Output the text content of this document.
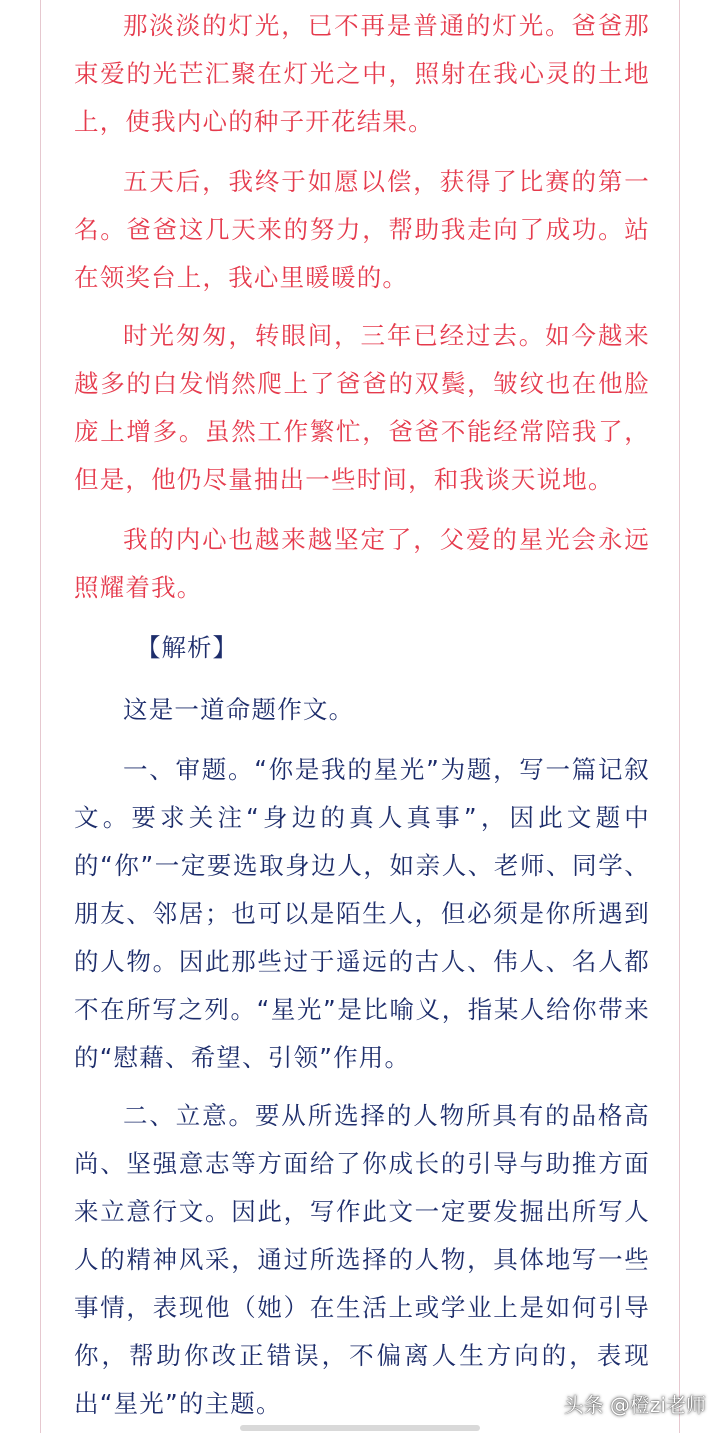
那淡淡的灯光，已不再是普通的灯光。爸爸那束爱的光芒汇聚在灯光之中，照射在我心灵的土地上，使我内心的种子开花结果。

五天后，我终于如愿以偿，获得了比赛的第一名。爸爸这几天来的努力，帮助我走向了成功。站在领奖台上，我心里暖暖的。

时光匆匆，转眼间，三年已经过去。如今越来越多的白发悄然爬上了爸爸的双鬓，皱纹也在他脸庞上增多。虽然工作繁忙，爸爸不能经常陪我了，但是，他仍尽量抽出一些时间，和我谈天说地。

我的内心也越来越坚定了，父爱的星光会永远照耀着我。

【解析】

这是一道命题作文。

一、审题。“你是我的星光”为题，写一篇记叙文。要求关注“身边的真人真事”，因此文题中的“你”一定要选取身边人，如亲人、老师、同学、朋友、邻居；也可以是陌生人，但必须是你所遇到的人物。因此那些过于遥远的古人、伟人、名人都不在所写之列。“星光”是比喻义，指某人给你带来的“慰藉、希望、引领”作用。

二、立意。要从所选择的人物所具有的品格高尚、坚强意志等方面给了你成长的引导与助推方面来立意行文。因此，写作此文一定要发掘出所写人人的精神风采，通过所选择的人物，具体地写一些事情，表现他（她）在生活上或学业上是如何引导你，帮助你改正错误，不偏离人生方向的，表现出“星光”的主题。	头条 @橙zi老师
